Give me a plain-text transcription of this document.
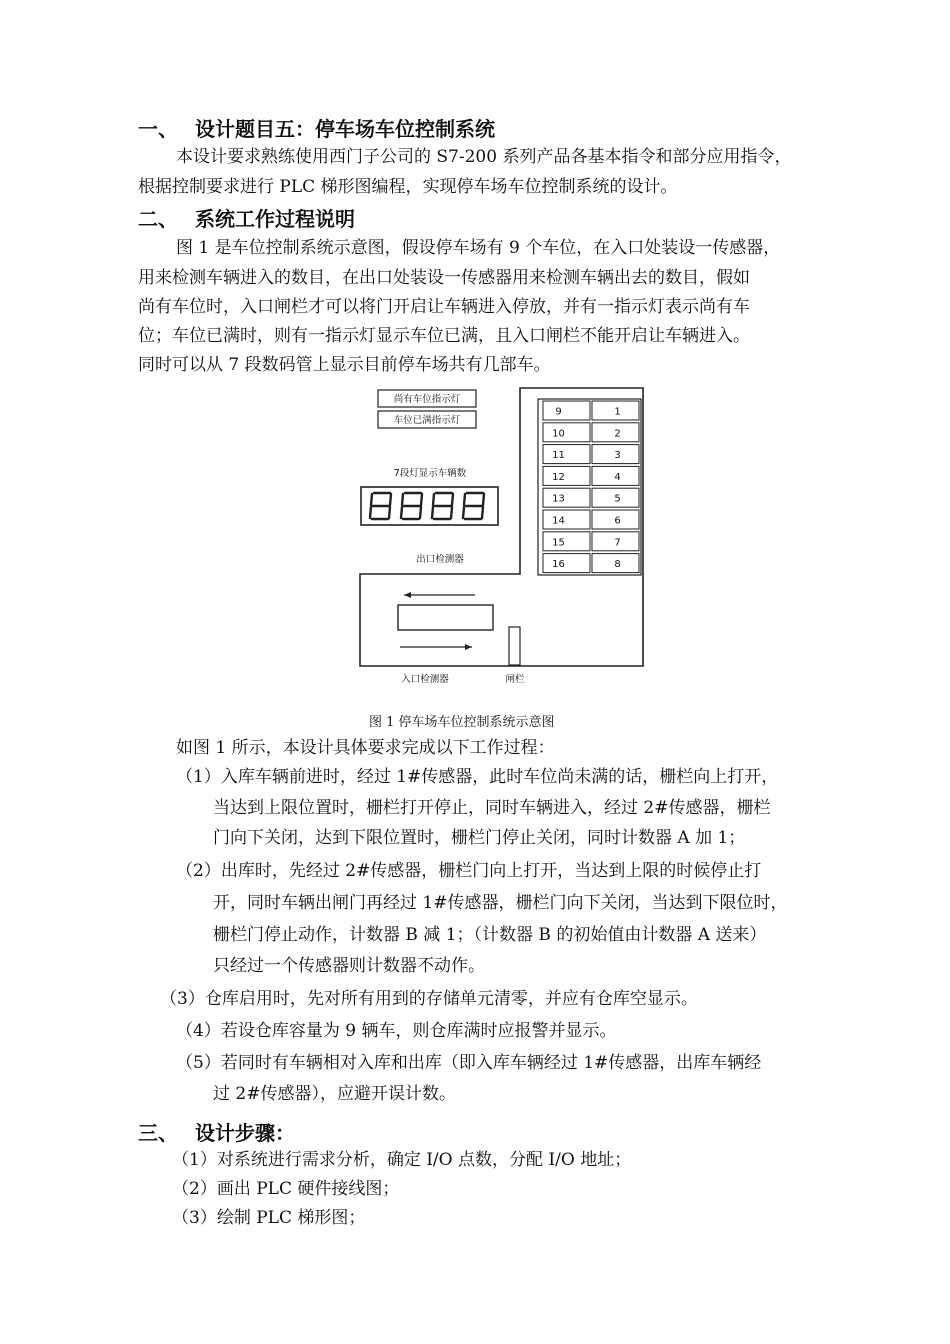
一、 设计题目五：停车场车位控制系统
本设计要求熟练使用西门子公司的 S7-200 系列产品各基本指令和部分应用指令，
根据控制要求进行 PLC 梯形图编程，实现停车场车位控制系统的设计。
二、 系统工作过程说明
图 1 是车位控制系统示意图，假设停车场有 9 个车位，在入口处装设一传感器，
用来检测车辆进入的数目，在出口处装设一传感器用来检测车辆出去的数目，假如
尚有车位时，入口闸栏才可以将门开启让车辆进入停放，并有一指示灯表示尚有车
位；车位已满时，则有一指示灯显示车位已满，且入口闸栏不能开启让车辆进入。
同时可以从 7 段数码管上显示目前停车场共有几部车。
尚有车位指示灯
车位已满指示灯
7段灯显示车辆数
出口检测器
9	1
10	2
11	3
12	4
13	5
14	6
15	7
16	8
入口检测器	闸栏
图 1 停车场车位控制系统示意图
如图 1 所示，本设计具体要求完成以下工作过程：
（1）入库车辆前进时，经过 1#传感器，此时车位尚未满的话，栅栏向上打开，
当达到上限位置时，栅栏打开停止，同时车辆进入，经过 2#传感器，栅栏
门向下关闭，达到下限位置时，栅栏门停止关闭，同时计数器 A 加 1；
（2）出库时，先经过 2#传感器，栅栏门向上打开，当达到上限的时候停止打
开，同时车辆出闸门再经过 1#传感器，栅栏门向下关闭，当达到下限位时，
栅栏门停止动作，计数器 B 减 1；（计数器 B 的初始值由计数器 A 送来）
只经过一个传感器则计数器不动作。
（3）仓库启用时，先对所有用到的存储单元清零，并应有仓库空显示。
（4）若设仓库容量为 9 辆车，则仓库满时应报警并显示。
（5）若同时有车辆相对入库和出库（即入库车辆经过 1#传感器，出库车辆经
过 2#传感器），应避开误计数。
三、 设计步骤：
（1）对系统进行需求分析，确定 I/O 点数，分配 I/O 地址；
（2）画出 PLC 硬件接线图；
（3）绘制 PLC 梯形图；
